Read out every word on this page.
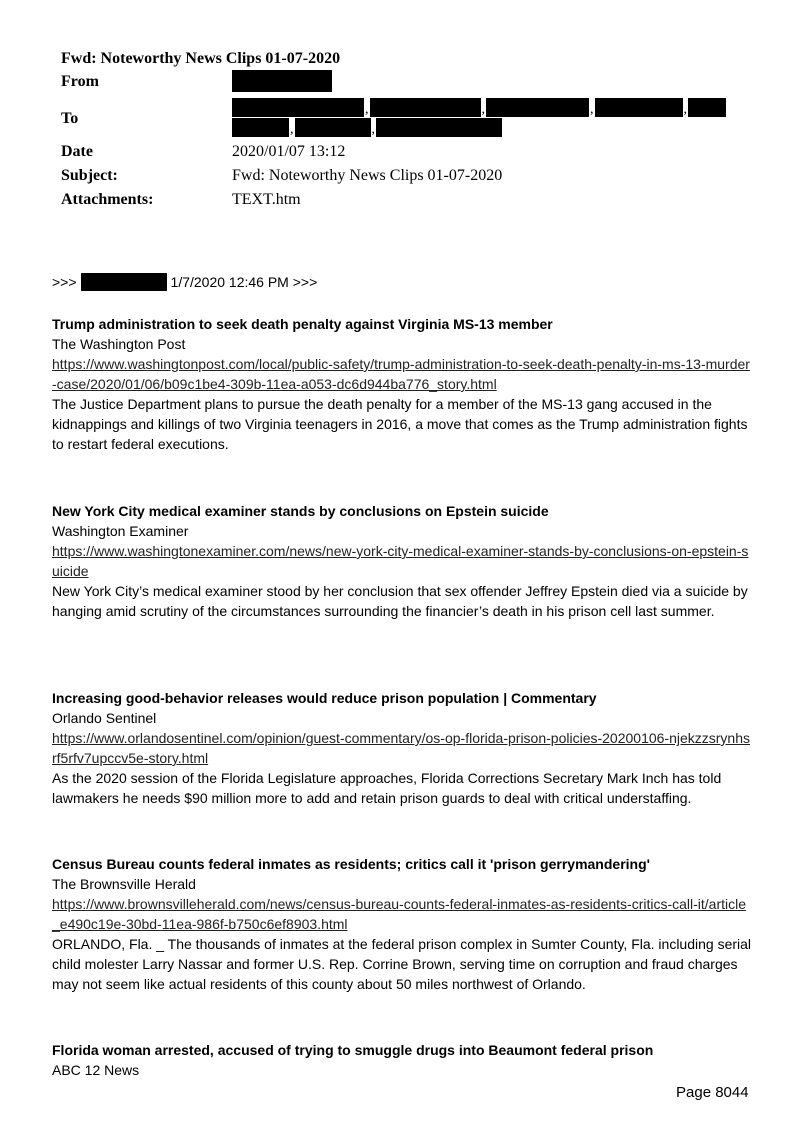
Fwd: Noteworthy News Clips 01-07-2020

From
To
,	,	,	,
,	,
Date	2020/01/07 13:12
Subject:	Fwd: Noteworthy News Clips 01-07-2020
Attachments:	TEXT.htm
>>>	1/7/2020 12:46 PM >>>

Trump administration to seek death penalty against Virginia MS-13 member

The Washington Post

https://www.washingtonpost.com/local/public-safety/trump-administration-to-seek-death-penalty-in-ms-13-murder-case/2020/01/06/b09c1be4-309b-11ea-a053-dc6d944ba776_story.html

The Justice Department plans to pursue the death penalty for a member of the MS-13 gang accused in the kidnappings and killings of two Virginia teenagers in 2016, a move that comes as the Trump administration fights to restart federal executions.

New York City medical examiner stands by conclusions on Epstein suicide

Washington Examiner

https://www.washingtonexaminer.com/news/new-york-city-medical-examiner-stands-by-conclusions-on-epstein-suicide

New York City’s medical examiner stood by her conclusion that sex offender Jeffrey Epstein died via a suicide by hanging amid scrutiny of the circumstances surrounding the financier’s death in his prison cell last summer.

Increasing good-behavior releases would reduce prison population | Commentary

Orlando Sentinel

https://www.orlandosentinel.com/opinion/guest-commentary/os-op-florida-prison-policies-20200106-njekzzsrynhsrf5rfv7upccv5e-story.html

As the 2020 session of the Florida Legislature approaches, Florida Corrections Secretary Mark Inch has told lawmakers he needs $90 million more to add and retain prison guards to deal with critical understaffing.

Census Bureau counts federal inmates as residents; critics call it 'prison gerrymandering'

The Brownsville Herald

https://www.brownsvilleherald.com/news/census-bureau-counts-federal-inmates-as-residents-critics-call-it/article_e490c19e-30bd-11ea-986f-b750c6ef8903.html

ORLANDO, Fla. _ The thousands of inmates at the federal prison complex in Sumter County, Fla. including serial child molester Larry Nassar and former U.S. Rep. Corrine Brown, serving time on corruption and fraud charges may not seem like actual residents of this county about 50 miles northwest of Orlando.

Florida woman arrested, accused of trying to smuggle drugs into Beaumont federal prison

ABC 12 News

Page 8044
